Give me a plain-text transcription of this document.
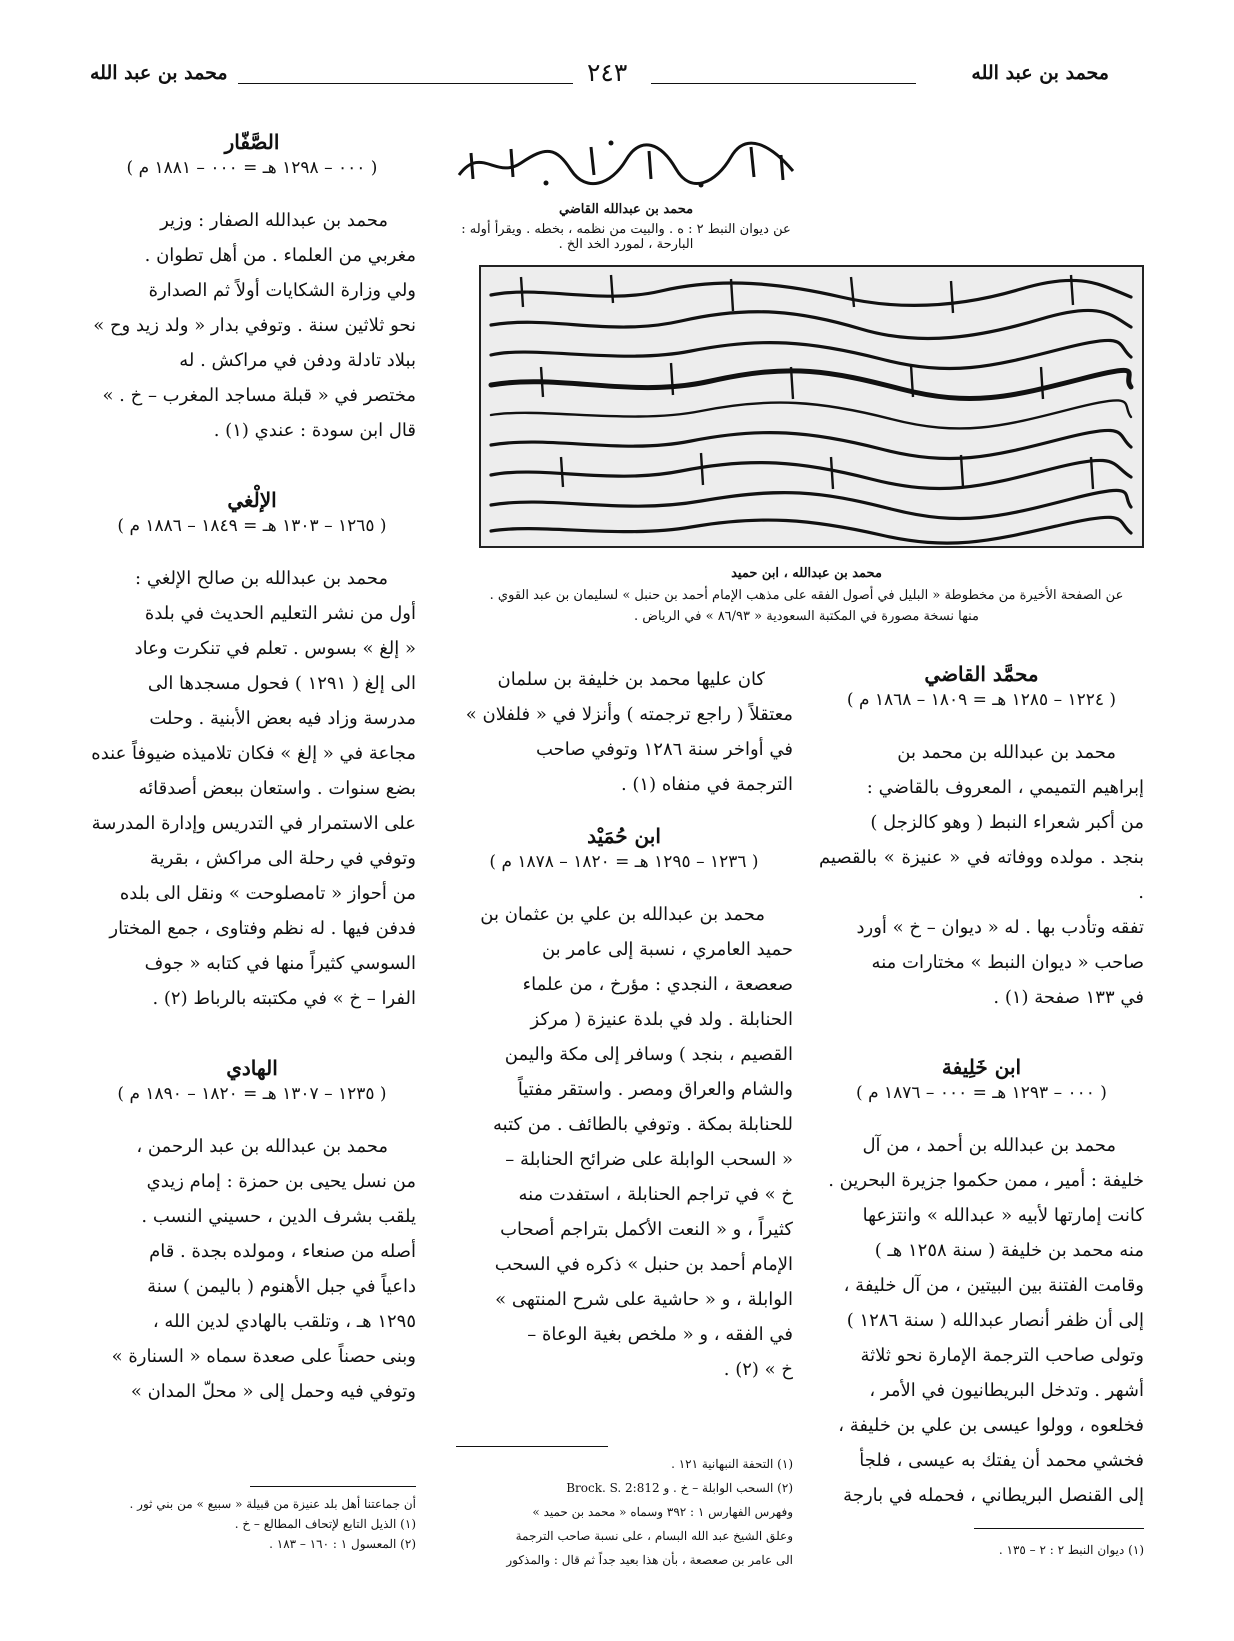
محمد بن عبد الله
٢٤٣
محمد بن عبد الله
محمد بن عبدالله القاضي
عن ديوان النبط ٢ : ه . والبيت من نظمه ، بخطه . ويقرأ أوله : البارحة ، لمورد الخد الخ .
محمد بن عبدالله ، ابن حميد
عن الصفحة الأخيرة من مخطوطة « البليل في أصول الفقه على مذهب الإمام أحمد بن حنبل » لسليمان بن عبد القوي .
منها نسخة مصورة في المكتبة السعودية « ٨٦/٩٣ » في الرياض .

الصَّفّار

( ٠٠٠ – ١٢٩٨ هـ = ٠٠٠ – ١٨٨١ م )

محمد بن عبدالله الصفار : وزير

مغربي من العلماء . من أهل تطوان .

ولي وزارة الشكايات أولاً ثم الصدارة

نحو ثلاثين سنة . وتوفي بدار « ولد زيد وح »

ببلاد تادلة ودفن في مراكش . له

مختصر في « قبلة مساجد المغرب – خ . »

قال ابن سودة : عندي (١) .

الإلْغي

( ١٢٦٥ – ١٣٠٣ هـ = ١٨٤٩ – ١٨٨٦ م )

محمد بن عبدالله بن صالح الإلغي :

أول من نشر التعليم الحديث في بلدة

« إلغ » بسوس . تعلم في تنكرت وعاد

الى إلغ ( ١٢٩١ ) فحول مسجدها الى

مدرسة وزاد فيه بعض الأبنية . وحلت

مجاعة في « إلغ » فكان تلاميذه ضيوفاً عنده

بضع سنوات . واستعان ببعض أصدقائه

على الاستمرار في التدريس وإدارة المدرسة

وتوفي في رحلة الى مراكش ، بقرية

من أحواز « تامصلوحت » ونقل الى بلده

فدفن فيها . له نظم وفتاوى ، جمع المختار

السوسي كثيراً منها في كتابه « جوف

الفرا – خ » في مكتبته بالرباط (٢) .

الهادي

( ١٢٣٥ – ١٣٠٧ هـ = ١٨٢٠ – ١٨٩٠ م )

محمد بن عبدالله بن عبد الرحمن ،

من نسل يحيى بن حمزة : إمام زيدي

يلقب بشرف الدين ، حسيني النسب .

أصله من صنعاء ، ومولده بجدة . قام

داعياً في جبل الأهنوم ( باليمن ) سنة

١٢٩٥ هـ ، وتلقب بالهادي لدين الله ،

وبنى حصناً على صعدة سماه « السنارة »

وتوفي فيه وحمل إلى « محلّ المدان »

أن جماعتنا أهل بلد عنيزة من قبيلة « سبيع » من بني ثور .
(١) الذيل التابع لإتحاف المطالع – خ .
(٢) المعسول ١ : ١٦٠ – ١٨٣ .

كان عليها محمد بن خليفة بن سلمان

معتقلاً ( راجع ترجمته ) وأنزلا في « فلفلان »

في أواخر سنة ١٢٨٦ وتوفي صاحب

الترجمة في منفاه (١) .

ابن حُمَيْد

( ١٢٣٦ – ١٢٩٥ هـ = ١٨٢٠ – ١٨٧٨ م )

محمد بن عبدالله بن علي بن عثمان بن

حميد العامري ، نسبة إلى عامر بن

صعصعة ، النجدي : مؤرخ ، من علماء

الحنابلة . ولد في بلدة عنيزة ( مركز

القصيم ، بنجد ) وسافر إلى مكة واليمن

والشام والعراق ومصر . واستقر مفتياً

للحنابلة بمكة . وتوفي بالطائف . من كتبه

« السحب الوابلة على ضرائح الحنابلة –

خ » في تراجم الحنابلة ، استفدت منه

كثيراً ، و « النعت الأكمل بتراجم أصحاب

الإمام أحمد بن حنبل » ذكره في السحب

الوابلة ، و « حاشية على شرح المنتهى »

في الفقه ، و « ملخص بغية الوعاة –

خ » (٢) .

(١) التحفة النبهانية ١٢١ .
(٢) السحب الوابلة – خ . و Brock. S. 2:812
وفهرس الفهارس ١ : ٣٩٢ وسماه « محمد بن حميد »
وعلق الشيخ عبد الله البسام ، على نسبة صاحب الترجمة
الى عامر بن صعصعة ، بأن هذا بعيد جداً ثم قال : والمذكور

محمَّد القاضي

( ١٢٢٤ – ١٢٨٥ هـ = ١٨٠٩ – ١٨٦٨ م )

محمد بن عبدالله بن محمد بن

إبراهيم التميمي ، المعروف بالقاضي :

من أكبر شعراء النبط ( وهو كالزجل )

بنجد . مولده ووفاته في « عنيزة » بالقصيم .

تفقه وتأدب بها . له « ديوان – خ » أورد

صاحب « ديوان النبط » مختارات منه

في ١٣٣ صفحة (١) .

ابن خَلِيفة

( ٠٠٠ – ١٢٩٣ هـ = ٠٠٠ – ١٨٧٦ م )

محمد بن عبدالله بن أحمد ، من آل

خليفة : أمير ، ممن حكموا جزيرة البحرين .

كانت إمارتها لأبيه « عبدالله » وانتزعها

منه محمد بن خليفة ( سنة ١٢٥٨ هـ )

وقامت الفتنة بين البيتين ، من آل خليفة ،

إلى أن ظفر أنصار عبدالله ( سنة ١٢٨٦ )

وتولى صاحب الترجمة الإمارة نحو ثلاثة

أشهر . وتدخل البريطانيون في الأمر ،

فخلعوه ، وولوا عيسى بن علي بن خليفة ،

فخشي محمد أن يفتك به عيسى ، فلجأ

إلى القنصل البريطاني ، فحمله في بارجة

(١) ديوان النبط ٢ : ٢ – ١٣٥ .
